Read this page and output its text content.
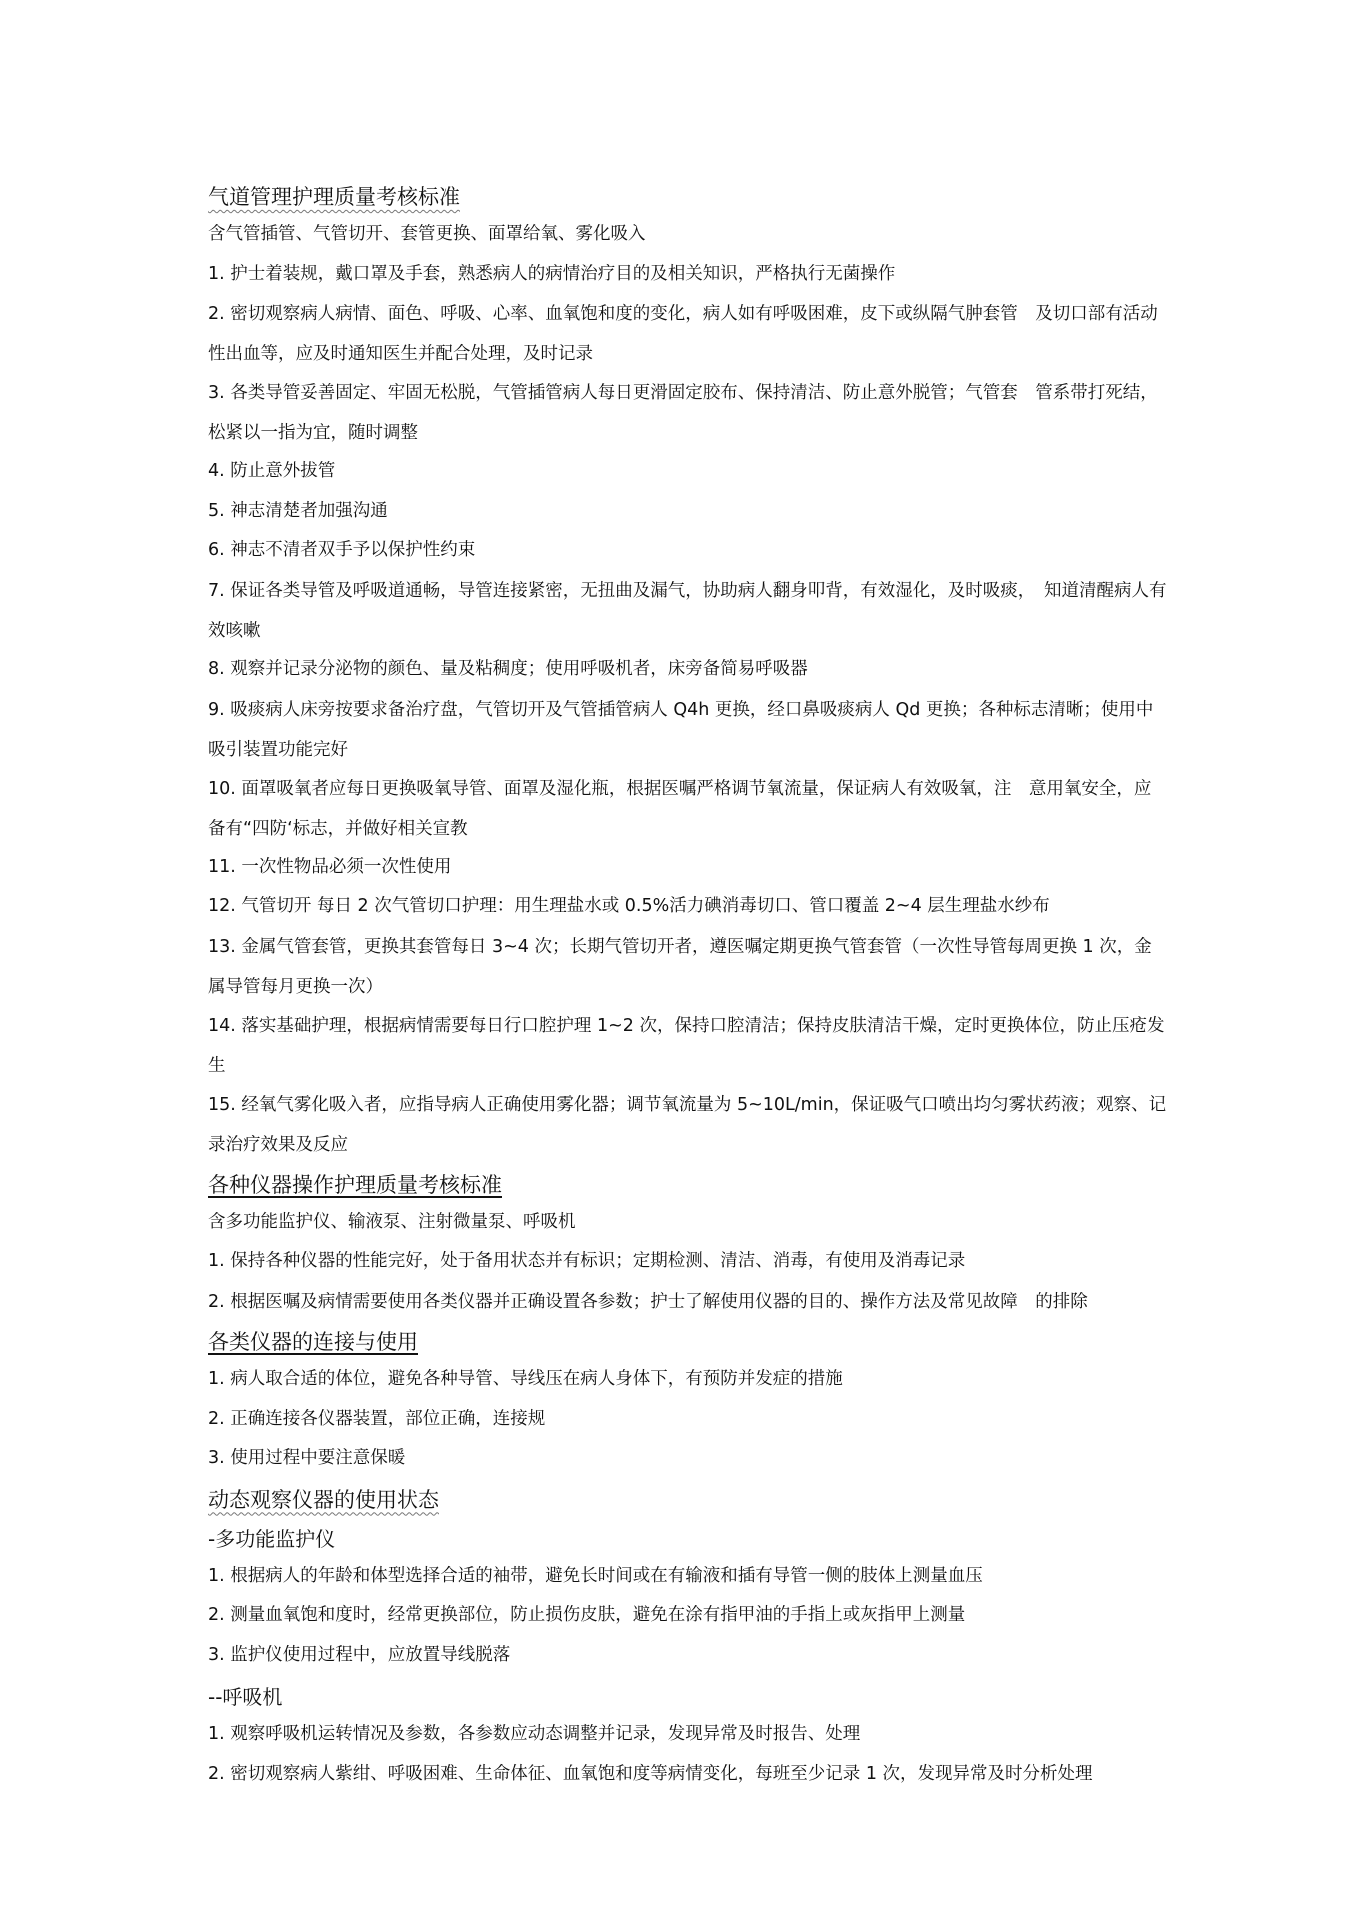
气道管理护理质量考核标准
含气管插管、气管切开、套管更换、面罩给氧、雾化吸入
1. 护士着装规，戴口罩及手套，熟悉病人的病情治疗目的及相关知识，严格执行无菌操作
2. 密切观察病人病情、面色、呼吸、心率、血氧饱和度的变化，病人如有呼吸困难，皮下或纵隔气肿套管　及切口部有活动性出血等，应及时通知医生并配合处理，及时记录
3. 各类导管妥善固定、牢固无松脱，气管插管病人每日更滑固定胶布、保持清洁、防止意外脱管；气管套　管系带打死结，松紧以一指为宜，随时调整
4. 防止意外拔管
5. 神志清楚者加强沟通
6. 神志不清者双手予以保护性约束
7. 保证各类导管及呼吸道通畅，导管连接紧密，无扭曲及漏气，协助病人翻身叩背，有效湿化，及时吸痰，　知道清醒病人有效咳嗽
8. 观察并记录分泌物的颜色、量及粘稠度；使用呼吸机者，床旁备简易呼吸器
9. 吸痰病人床旁按要求备治疗盘，气管切开及气管插管病人 Q4h 更换，经口鼻吸痰病人 Qd 更换；各种标志清晰；使用中吸引装置功能完好
10. 面罩吸氧者应每日更换吸氧导管、面罩及湿化瓶，根据医嘱严格调节氧流量，保证病人有效吸氧，注　意用氧安全，应备有“四防‘标志，并做好相关宣教
11. 一次性物品必须一次性使用
12. 气管切开 每日 2 次气管切口护理：用生理盐水或 0.5%活力碘消毒切口、管口覆盖 2~4 层生理盐水纱布
13. 金属气管套管，更换其套管每日 3~4 次；长期气管切开者，遵医嘱定期更换气管套管（一次性导管每周更换 1 次，金属导管每月更换一次）
14. 落实基础护理，根据病情需要每日行口腔护理 1~2 次，保持口腔清洁；保持皮肤清洁干燥，定时更换体位，防止压疮发生
15. 经氧气雾化吸入者，应指导病人正确使用雾化器；调节氧流量为 5~10L/min，保证吸气口喷出均匀雾状药液；观察、记录治疗效果及反应
各种仪器操作护理质量考核标准
含多功能监护仪、输液泵、注射微量泵、呼吸机
1. 保持各种仪器的性能完好，处于备用状态并有标识；定期检测、清洁、消毒，有使用及消毒记录
2. 根据医嘱及病情需要使用各类仪器并正确设置各参数；护士了解使用仪器的目的、操作方法及常见故障　的排除
各类仪器的连接与使用
1. 病人取合适的体位，避免各种导管、导线压在病人身体下，有预防并发症的措施
2. 正确连接各仪器装置，部位正确，连接规
3. 使用过程中要注意保暖
动态观察仪器的使用状态
-多功能监护仪
1. 根据病人的年龄和体型选择合适的袖带，避免长时间或在有输液和插有导管一侧的肢体上测量血压
2. 测量血氧饱和度时，经常更换部位，防止损伤皮肤，避免在涂有指甲油的手指上或灰指甲上测量
3. 监护仪使用过程中，应放置导线脱落
--呼吸机
1. 观察呼吸机运转情况及参数，各参数应动态调整并记录，发现异常及时报告、处理
2. 密切观察病人紫绀、呼吸困难、生命体征、血氧饱和度等病情变化，每班至少记录 1 次，发现异常及时分析处理
